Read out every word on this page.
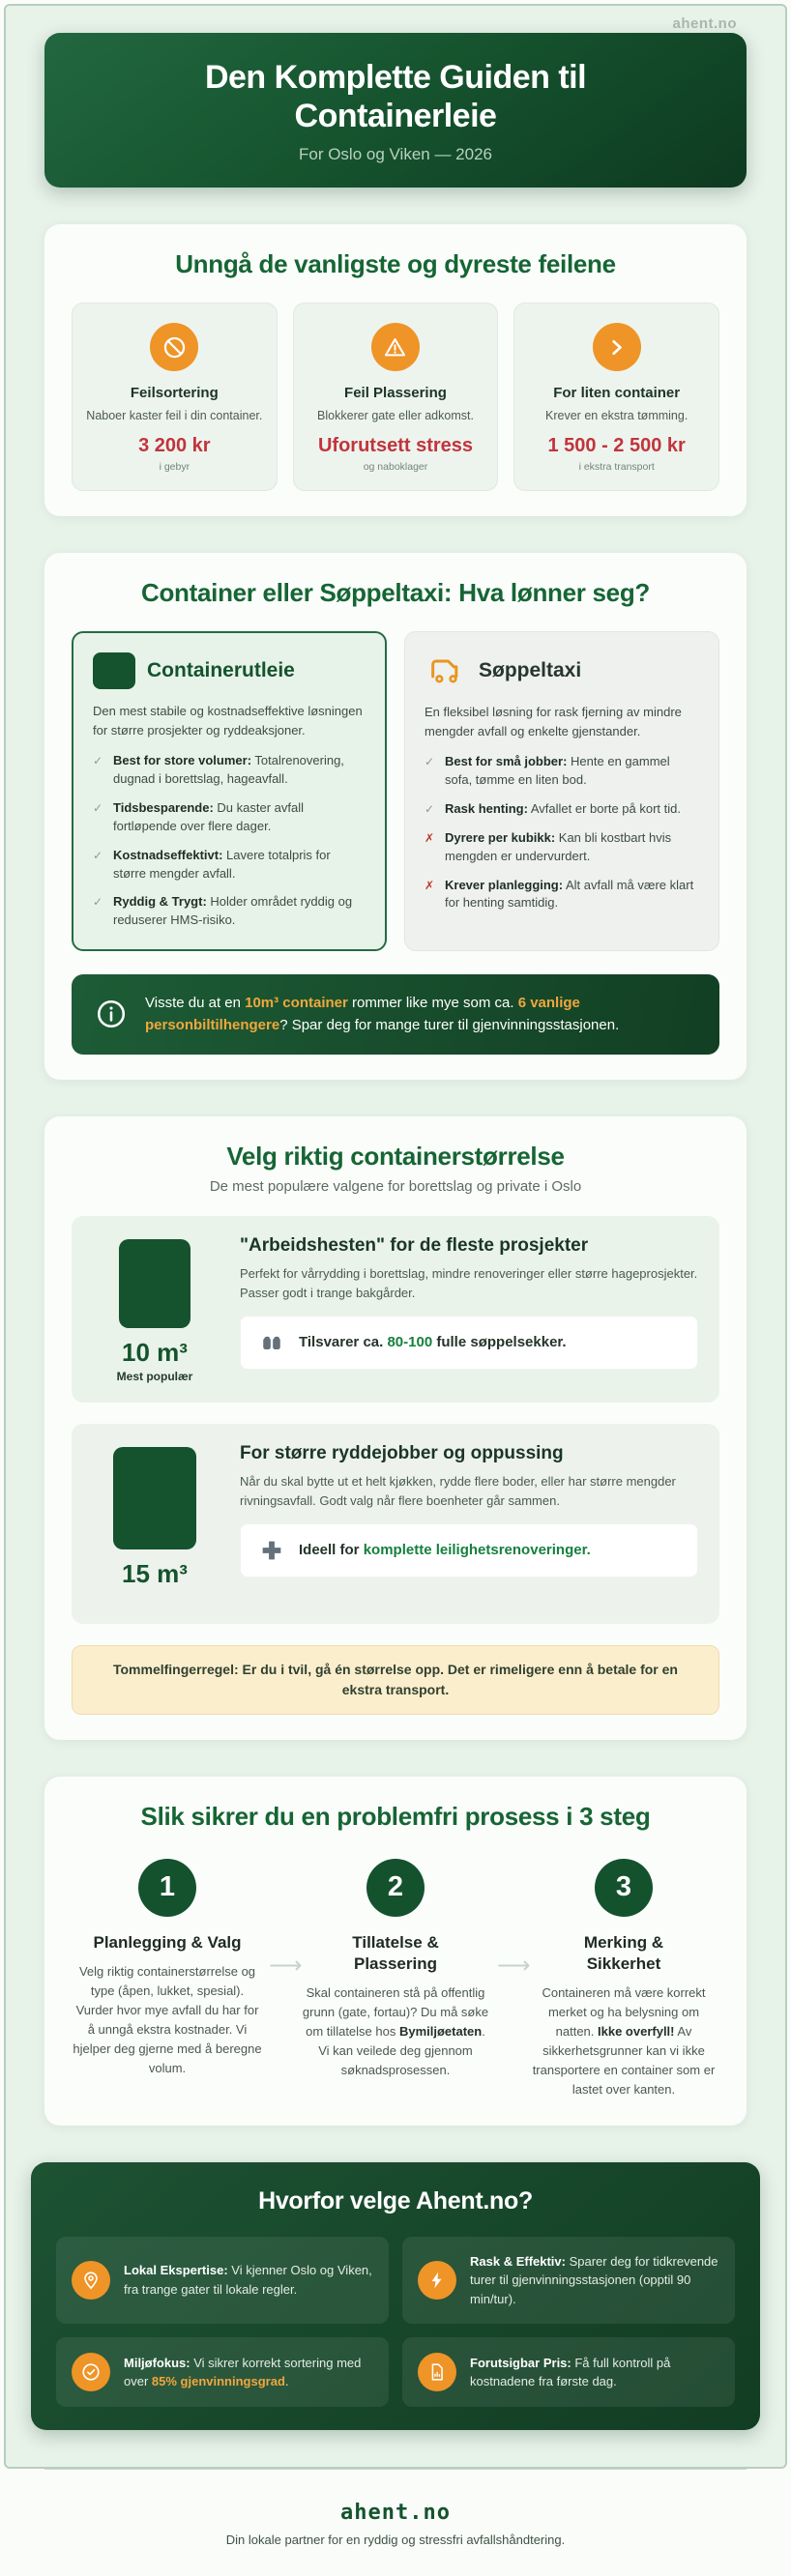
ahent.no
Den Komplette Guiden til Containerleie

For Oslo og Viken — 2026

Unngå de vanligste og dyreste feilene
Feilsortering

Naboer kaster feil i din container.

3 200 kr

i gebyr

Feil Plassering

Blokkerer gate eller adkomst.

Uforutsett stress

og naboklager

For liten container

Krever en ekstra tømming.

1 500 - 2 500 kr

i ekstra transport

Container eller Søppeltaxi: Hva lønner seg?
Containerutleie

Den mest stabile og kostnadseffektive løsningen for større prosjekter og ryddeaksjoner.

✓ Best for store volumer: Totalrenovering, dugnad i borettslag, hageavfall.
✓ Tidsbesparende: Du kaster avfall fortløpende over flere dager.
✓ Kostnadseffektivt: Lavere totalpris for større mengder avfall.
✓ Ryddig & Trygt: Holder området ryddig og reduserer HMS-risiko.
Søppeltaxi

En fleksibel løsning for rask fjerning av mindre mengder avfall og enkelte gjenstander.

✓ Best for små jobber: Hente en gammel sofa, tømme en liten bod.
✓ Rask henting: Avfallet er borte på kort tid.
✗ Dyrere per kubikk: Kan bli kostbart hvis mengden er undervurdert.
✗ Krever planlegging: Alt avfall må være klart for henting samtidig.

Visste du at en 10m³ container rommer like mye som ca. 6 vanlige personbiltilhengere? Spar deg for mange turer til gjenvinningsstasjonen.

Velg riktig containerstørrelse

De mest populære valgene for borettslag og private i Oslo

10 m³
Mest populær
"Arbeidshesten" for de fleste prosjekter

Perfekt for vårrydding i borettslag, mindre renoveringer eller større hageprosjekter. Passer godt i trange bakgårder.

Tilsvarer ca. 80-100 fulle søppelsekker.

15 m³
For større ryddejobber og oppussing

Når du skal bytte ut et helt kjøkken, rydde flere boder, eller har større mengder rivningsavfall. Godt valg når flere boenheter går sammen.

Ideell for komplette leilighetsrenoveringer.

Tommelfingerregel: Er du i tvil, gå én størrelse opp. Det er rimeligere enn å betale for en ekstra transport.
Slik sikrer du en problemfri prosess i 3 steg
1
Planlegging & Valg

Velg riktig containerstørrelse og type (åpen, lukket, spesial). Vurder hvor mye avfall du har for å unngå ekstra kostnader. Vi hjelper deg gjerne med å beregne volum.

⟶
2
Tillatelse & Plassering

Skal containeren stå på offentlig grunn (gate, fortau)? Du må søke om tillatelse hos Bymiljøetaten. Vi kan veilede deg gjennom søknadsprosessen.

⟶
3
Merking & Sikkerhet

Containeren må være korrekt merket og ha belysning om natten. Ikke overfyll! Av sikkerhetsgrunner kan vi ikke transportere en container som er lastet over kanten.

Hvorfor velge Ahent.no?

Lokal Ekspertise: Vi kjenner Oslo og Viken, fra trange gater til lokale regler.

Rask & Effektiv: Sparer deg for tidkrevende turer til gjenvinningsstasjonen (opptil 90 min/tur).

Miljøfokus: Vi sikrer korrekt sortering med over 85% gjenvinningsgrad.

Forutsigbar Pris: Få full kontroll på kostnadene fra første dag.

ahent.no

Din lokale partner for en ryddig og stressfri avfallshåndtering.
